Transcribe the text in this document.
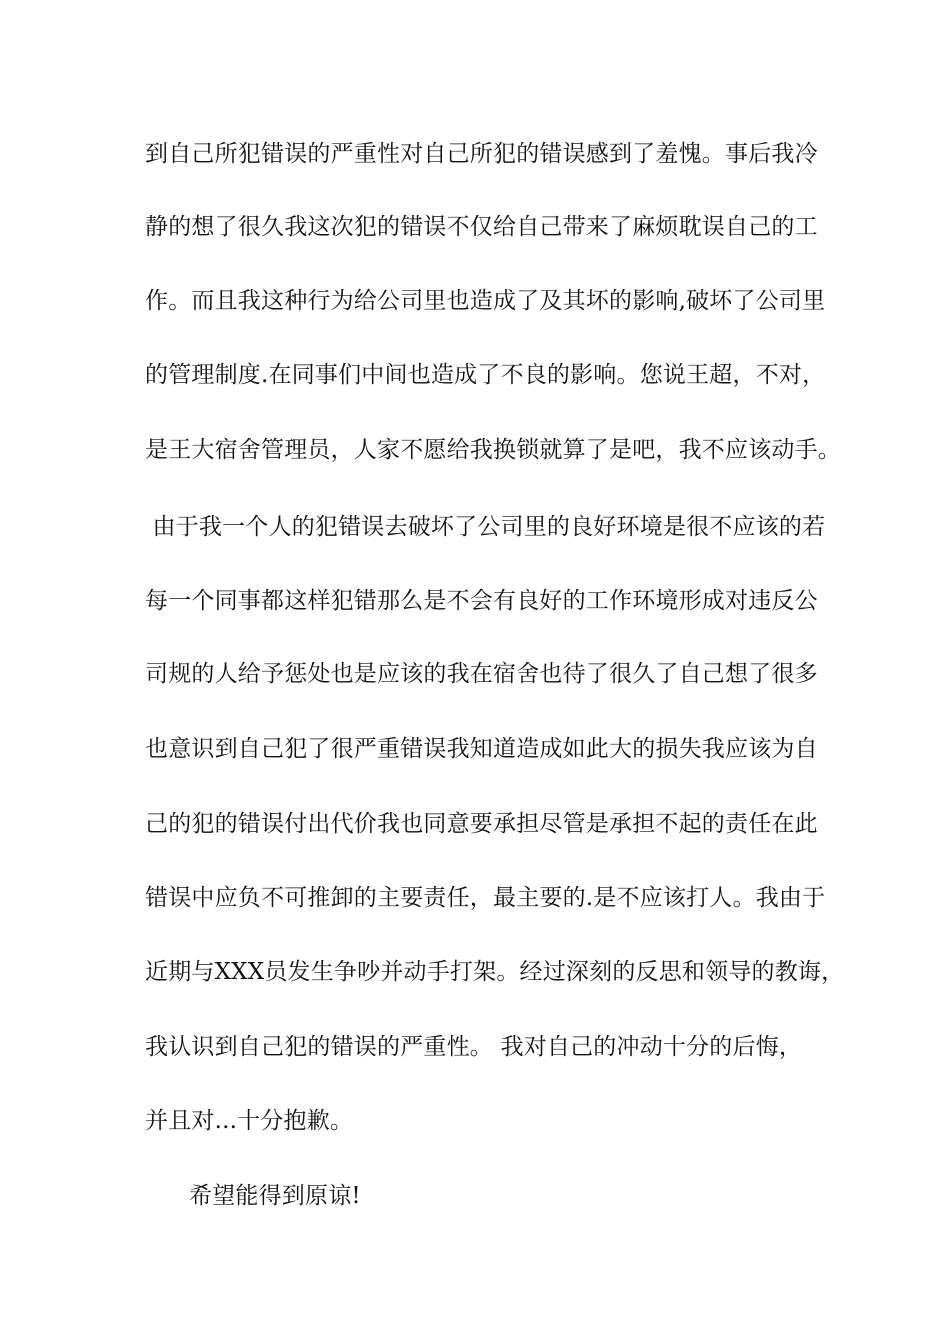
到自己所犯错误的严重性对自己所犯的错误感到了羞愧。事后我冷
静的想了很久我这次犯的错误不仅给自己带来了麻烦耽误自己的工
作。而且我这种行为给公司里也造成了及其坏的影响,破坏了公司里
的管理制度.在同事们中间也造成了不良的影响。您说王超，不对，
是王大宿舍管理员，人家不愿给我换锁就算了是吧，我不应该动手。
由于我一个人的犯错误去破坏了公司里的良好环境是很不应该的若
每一个同事都这样犯错那么是不会有良好的工作环境形成对违反公
司规的人给予惩处也是应该的我在宿舍也待了很久了自己想了很多
也意识到自己犯了很严重错误我知道造成如此大的损失我应该为自
己的犯的错误付出代价我也同意要承担尽管是承担不起的责任在此
错误中应负不可推卸的主要责任，最主要的.是不应该打人。我由于
近期与XXX员发生争吵并动手打架。经过深刻的反思和领导的教诲，
我认识到自己犯的错误的严重性。 我对自己的冲动十分的后悔，
并且对...十分抱歉。
希望能得到原谅!
